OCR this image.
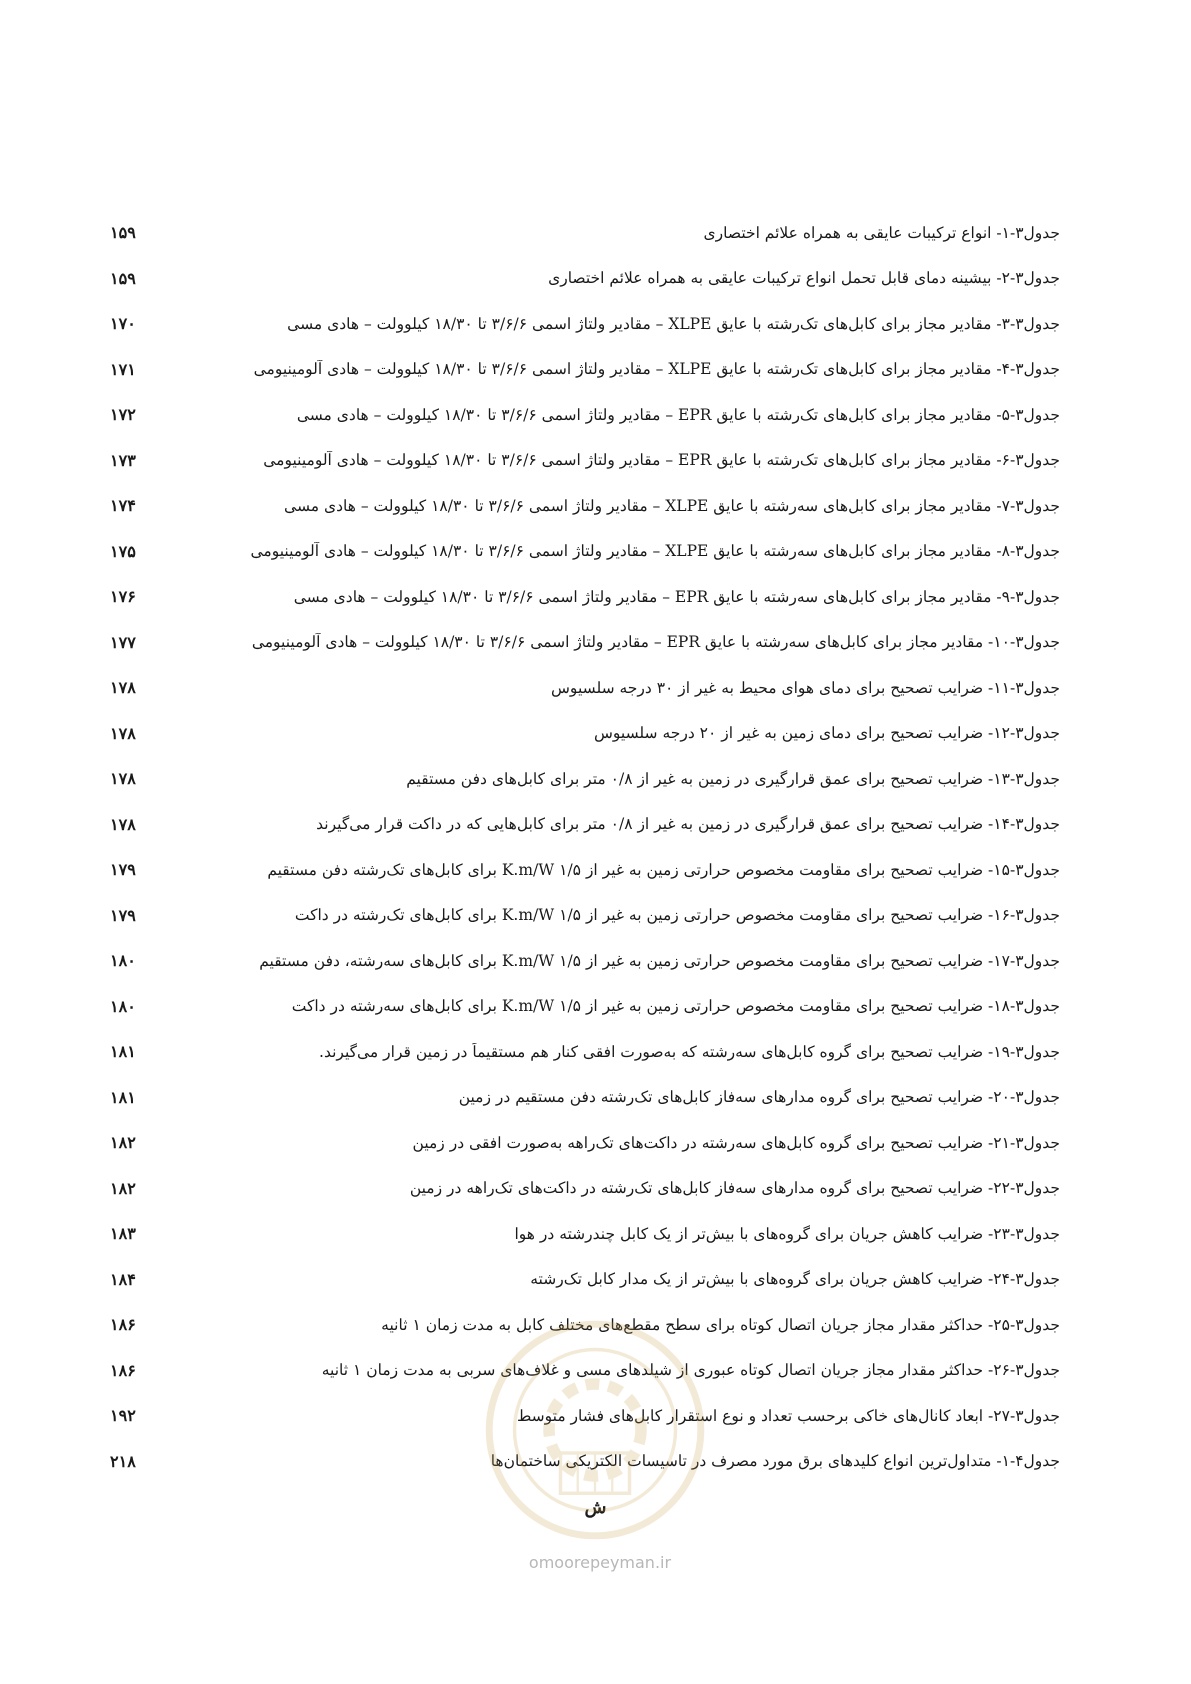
جدول۳-۱- انواع ترکیبات عایقی به همراه علائم اختصاری
۱۵۹
جدول۳-۲- بیشینه دمای قابل تحمل انواع ترکیبات عایقی به همراه علائم اختصاری
۱۵۹
جدول۳-۳- مقادیر مجاز برای کابل‌های تک‌رشته با عایق XLPE – مقادیر ولتاژ اسمی ۳/۶/۶ تا ۱۸/۳۰ کیلوولت – هادی مسی
۱۷۰
جدول۳-۴- مقادیر مجاز برای کابل‌های تک‌رشته با عایق XLPE – مقادیر ولتاژ اسمی ۳/۶/۶ تا ۱۸/۳۰ کیلوولت – هادی آلومینیومی
۱۷۱
جدول۳-۵- مقادیر مجاز برای کابل‌های تک‌رشته با عایق EPR – مقادیر ولتاژ اسمی ۳/۶/۶ تا ۱۸/۳۰ کیلوولت – هادی مسی
۱۷۲
جدول۳-۶- مقادیر مجاز برای کابل‌های تک‌رشته با عایق EPR – مقادیر ولتاژ اسمی ۳/۶/۶ تا ۱۸/۳۰ کیلوولت – هادی آلومینیومی
۱۷۳
جدول۳-۷- مقادیر مجاز برای کابل‌های سه‌رشته با عایق XLPE – مقادیر ولتاژ اسمی ۳/۶/۶ تا ۱۸/۳۰ کیلوولت – هادی مسی
۱۷۴
جدول۳-۸- مقادیر مجاز برای کابل‌های سه‌رشته با عایق XLPE – مقادیر ولتاژ اسمی ۳/۶/۶ تا ۱۸/۳۰ کیلوولت – هادی آلومینیومی
۱۷۵
جدول۳-۹- مقادیر مجاز برای کابل‌های سه‌رشته با عایق EPR – مقادیر ولتاژ اسمی ۳/۶/۶ تا ۱۸/۳۰ کیلوولت – هادی مسی
۱۷۶
جدول۳-۱۰- مقادیر مجاز برای کابل‌های سه‌رشته با عایق EPR – مقادیر ولتاژ اسمی ۳/۶/۶ تا ۱۸/۳۰ کیلوولت – هادی آلومینیومی
۱۷۷
جدول۳-۱۱- ضرایب تصحیح برای دمای هوای محیط به غیر از ۳۰ درجه سلسیوس
۱۷۸
جدول۳-۱۲- ضرایب تصحیح برای دمای زمین به غیر از ۲۰ درجه سلسیوس
۱۷۸
جدول۳-۱۳- ضرایب تصحیح برای عمق قرارگیری در زمین به غیر از ۰/۸ متر برای کابل‌های دفن مستقیم
۱۷۸
جدول۳-۱۴- ضرایب تصحیح برای عمق قرارگیری در زمین به غیر از ۰/۸ متر برای کابل‌هایی که در داکت قرار می‌گیرند
۱۷۸
جدول۳-۱۵- ضرایب تصحیح برای مقاومت مخصوص حرارتی زمین به غیر از K.m/W ۱/۵ برای کابل‌های تک‌رشته دفن مستقیم
۱۷۹
جدول۳-۱۶- ضرایب تصحیح برای مقاومت مخصوص حرارتی زمین به غیر از K.m/W ۱/۵ برای کابل‌های تک‌رشته در داکت
۱۷۹
جدول۳-۱۷- ضرایب تصحیح برای مقاومت مخصوص حرارتی زمین به غیر از K.m/W ۱/۵ برای کابل‌های سه‌رشته، دفن مستقیم
۱۸۰
جدول۳-۱۸- ضرایب تصحیح برای مقاومت مخصوص حرارتی زمین به غیر از K.m/W ۱/۵ برای کابل‌های سه‌رشته در داکت
۱۸۰
جدول۳-۱۹- ضرایب تصحیح برای گروه کابل‌های سه‌رشته که به‌صورت افقی کنار هم مستقیماً در زمین قرار می‌گیرند.
۱۸۱
جدول۳-۲۰- ضرایب تصحیح برای گروه مدارهای سه‌فاز کابل‌های تک‌رشته دفن مستقیم در زمین
۱۸۱
جدول۳-۲۱- ضرایب تصحیح برای گروه کابل‌های سه‌رشته در داکت‌های تک‌راهه به‌صورت افقی در زمین
۱۸۲
جدول۳-۲۲- ضرایب تصحیح برای گروه مدارهای سه‌فاز کابل‌های تک‌رشته در داکت‌های تک‌راهه در زمین
۱۸۲
جدول۳-۲۳- ضرایب کاهش جریان برای گروه‌های با بیش‌تر از یک کابل چندرشته در هوا
۱۸۳
جدول۳-۲۴- ضرایب کاهش جریان برای گروه‌های با بیش‌تر از یک مدار کابل تک‌رشته
۱۸۴
جدول۳-۲۵- حداکثر مقدار مجاز جریان اتصال کوتاه برای سطح مقطع‌های مختلف کابل به مدت زمان ۱ ثانیه
۱۸۶
جدول۳-۲۶- حداکثر مقدار مجاز جریان اتصال کوتاه عبوری از شیلدهای مسی و غلاف‌های سربی به مدت زمان ۱ ثانیه
۱۸۶
جدول۳-۲۷- ابعاد کانال‌های خاکی برحسب تعداد و نوع استقرار کابل‌های فشار متوسط
۱۹۲
جدول۴-۱- متداول‌ترین انواع کلیدهای برق مورد مصرف در تاسیسات الکتریکی ساختمان‌ها
۲۱۸
ش
omoorepeyman.ir
